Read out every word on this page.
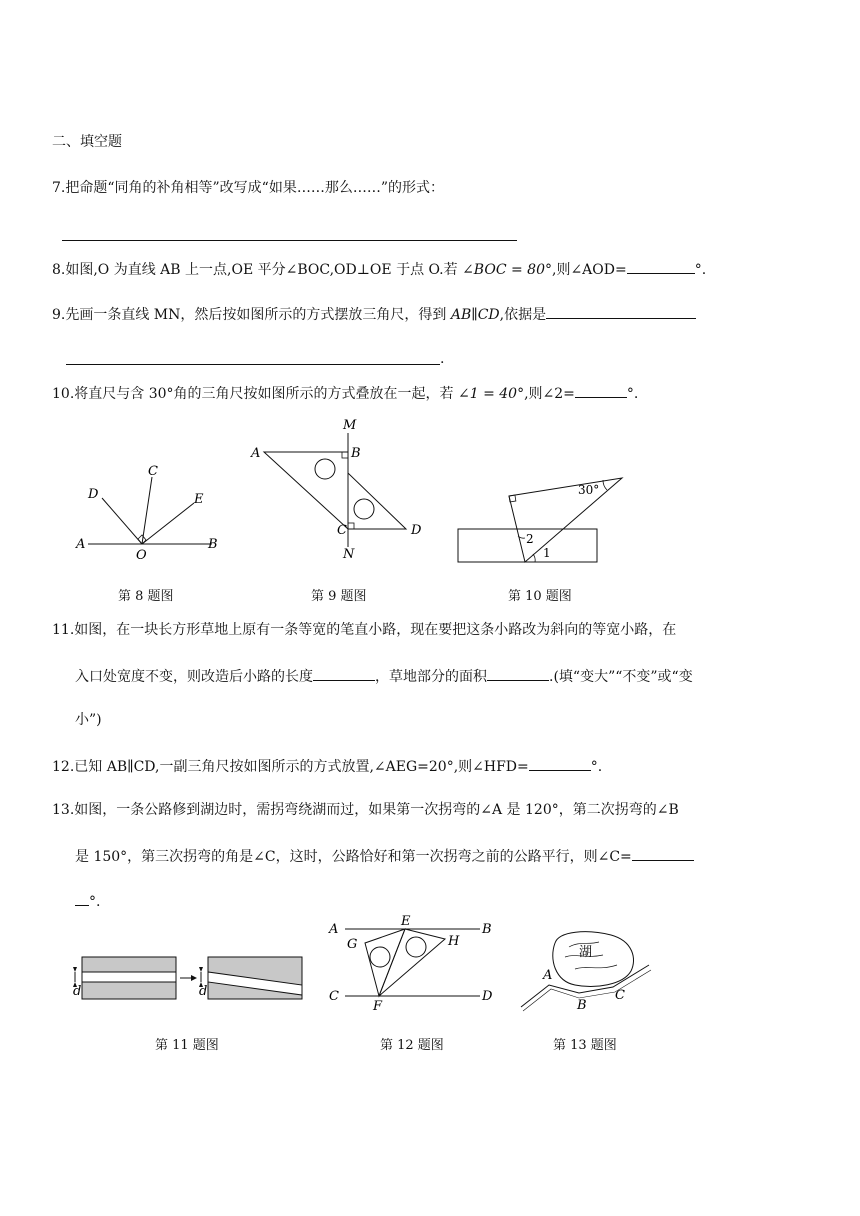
二、填空题
7.把命题“同角的补角相等”改写成“如果……那么……”的形式：
8.如图,O 为直线 AB 上一点,OE 平分∠BOC,OD⊥OE 于点 O.若 ∠BOC = 80°,则∠AOD=	°.
9.先画一条直线 MN，然后按如图所示的方式摆放三角尺，得到 AB∥CD,依据是
.
10.将直尺与含 30°角的三角尺按如图所示的方式叠放在一起，若 ∠1 = 40°,则∠2=	°.
A	B
C
D	E
O
第 8 题图
A	B
C	D
M
N
第 9 题图
30°
2
1
第 10 题图
11.如图，在一块长方形草地上原有一条等宽的笔直小路，现在要把这条小路改为斜向的等宽小路，在
入口处宽度不变，则改造后小路的长度	，草地部分的面积	.(填“变大”“不变”或“变
小”)
12.已知 AB∥CD,一副三角尺按如图所示的方式放置,∠AEG=20°,则∠HFD=	°.
13.如图，一条公路修到湖边时，需拐弯绕湖而过，如果第一次拐弯的∠A 是 120°，第二次拐弯的∠B
是 150°，第三次拐弯的角是∠C，这时，公路恰好和第一次拐弯之前的公路平行，则∠C=
°.
d	d
第 11 题图
A	B
C	D
E
F
G	H
第 12 题图
湖
A
B
C
第 13 题图
